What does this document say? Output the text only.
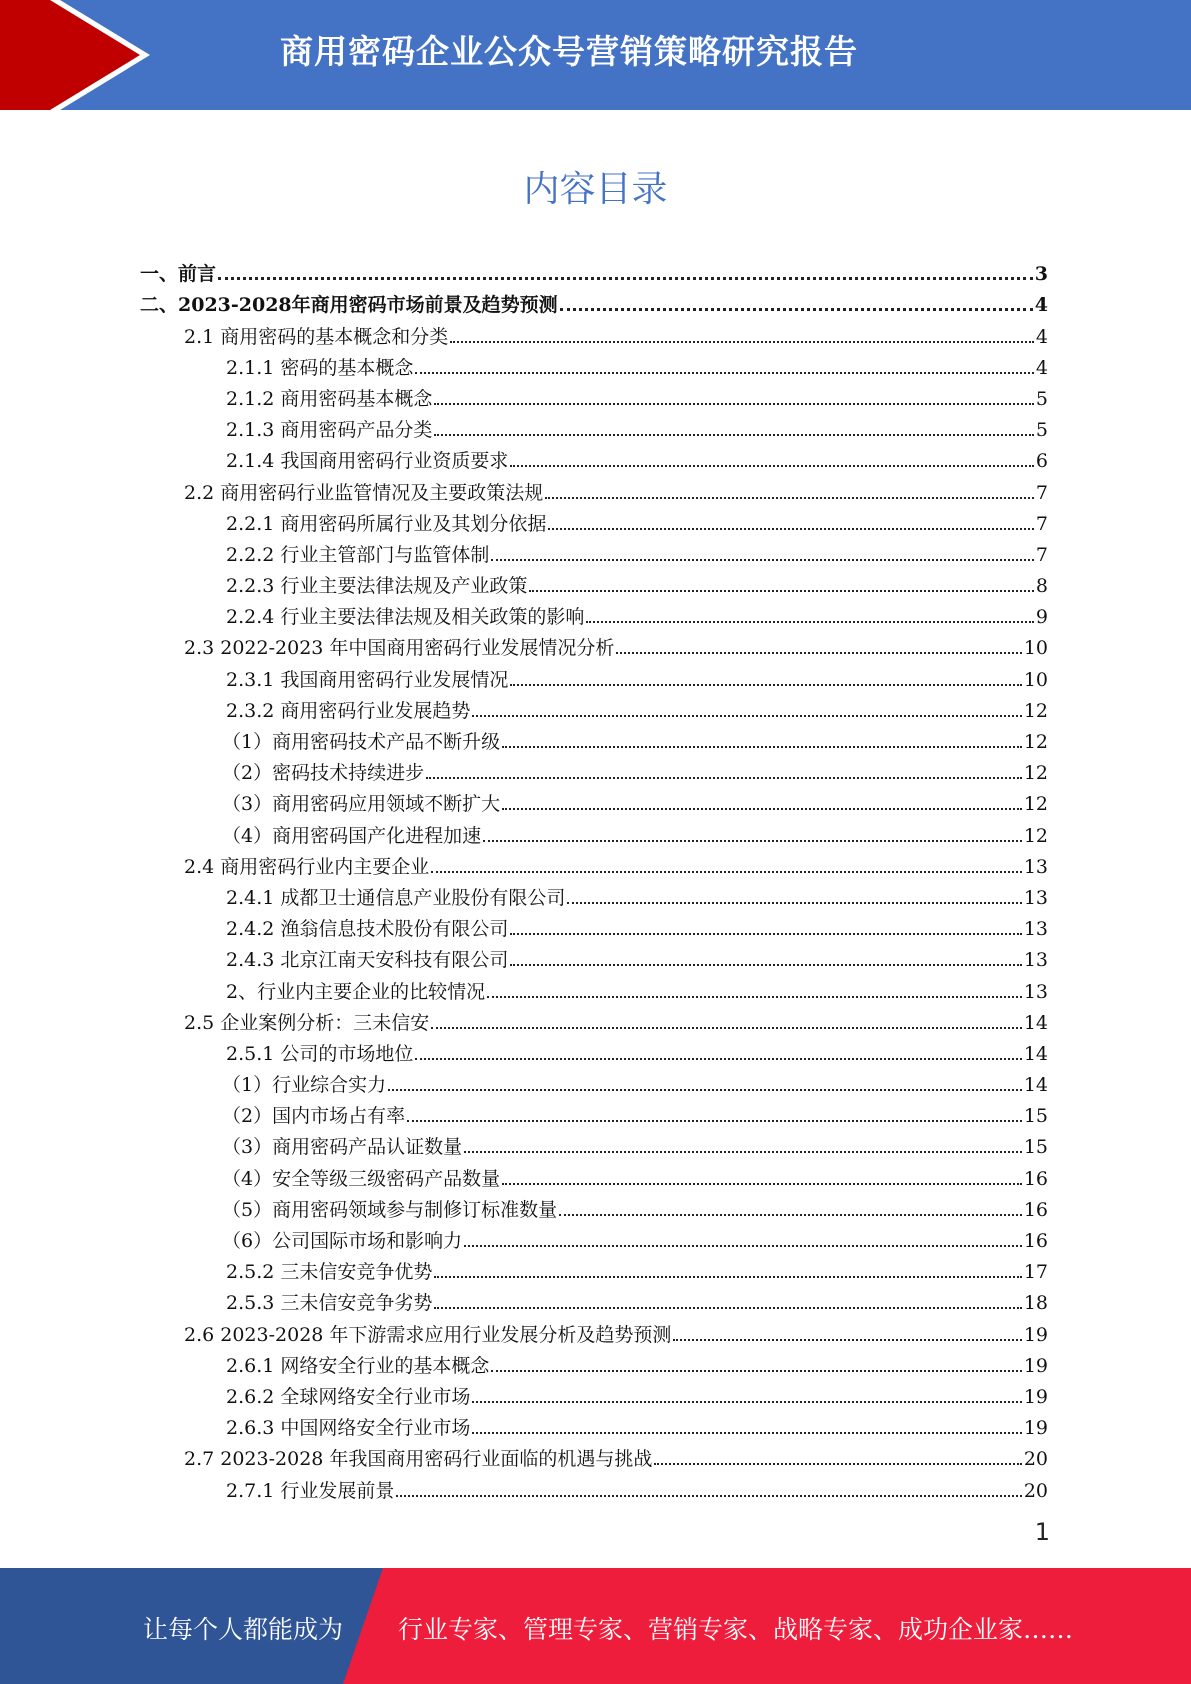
商用密码企业公众号营销策略研究报告
内容目录
一、前言	3
二、2023-2028年商用密码市场前景及趋势预测	4
2.1 商用密码的基本概念和分类	4
2.1.1 密码的基本概念	4
2.1.2 商用密码基本概念	5
2.1.3 商用密码产品分类	5
2.1.4 我国商用密码行业资质要求	6
2.2 商用密码行业监管情况及主要政策法规	7
2.2.1 商用密码所属行业及其划分依据	7
2.2.2 行业主管部门与监管体制	7
2.2.3 行业主要法律法规及产业政策	8
2.2.4 行业主要法律法规及相关政策的影响	9
2.3 2022-2023 年中国商用密码行业发展情况分析	10
2.3.1 我国商用密码行业发展情况	10
2.3.2 商用密码行业发展趋势	12
（1）商用密码技术产品不断升级	12
（2）密码技术持续进步	12
（3）商用密码应用领域不断扩大	12
（4）商用密码国产化进程加速	12
2.4 商用密码行业内主要企业	13
2.4.1 成都卫士通信息产业股份有限公司	13
2.4.2 渔翁信息技术股份有限公司	13
2.4.3 北京江南天安科技有限公司	13
2、行业内主要企业的比较情况	13
2.5 企业案例分析：三未信安	14
2.5.1 公司的市场地位	14
（1）行业综合实力	14
（2）国内市场占有率	15
（3）商用密码产品认证数量	15
（4）安全等级三级密码产品数量	16
（5）商用密码领域参与制修订标准数量	16
（6）公司国际市场和影响力	16
2.5.2 三未信安竞争优势	17
2.5.3 三未信安竞争劣势	18
2.6 2023-2028 年下游需求应用行业发展分析及趋势预测	19
2.6.1 网络安全行业的基本概念	19
2.6.2 全球网络安全行业市场	19
2.6.3 中国网络安全行业市场	19
2.7 2023-2028 年我国商用密码行业面临的机遇与挑战	20
2.7.1 行业发展前景	20
1
让每个人都能成为 行业专家、管理专家、营销专家、战略专家、成功企业家……
